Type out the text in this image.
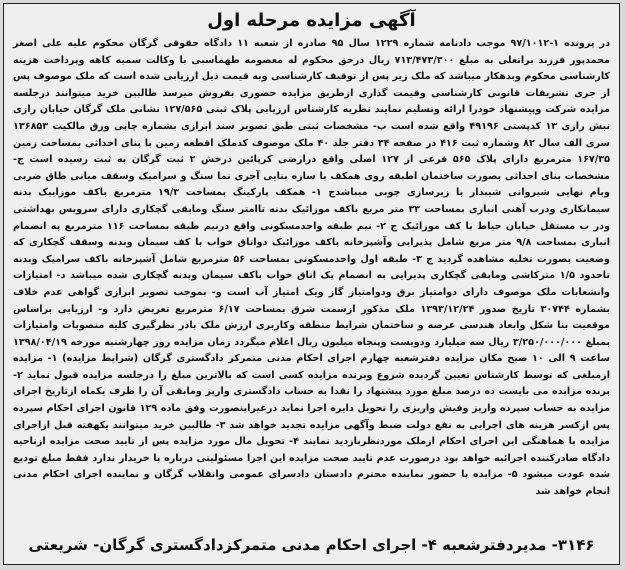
آگهی مزایده مرحله اول

در پرونده ۱-۹۷/۱۰۱۲ موجب دادنامه شماره ۱۲۲۹ سال ۹۵ صادره از شعبه ۱۱ دادگاه حقوقی گرگان محکوم علیه علی اصغر محمدپور فرزند براتعلی به مبلغ ۷۱۳/۴۷۳/۳۰۰ ریال درحق محکوم له معصومه طهماسبی با وکالت سمیه کاهه وپرداخت هزینه کارشناسی محکوم وبدهکار میباشد که ملک زیر پس از توقیف کارشناسی وبه قیمت ذیل ارزیابی شده است که ملک موصوف پس از جری تشریفات قانونی کارشناسی وقیمت گذاری ازطریق مزایده حضوری بفروش میرسد طالبین خرید میتوانند درجلسه مزایده شرکت وپیشنهاد خودرا ارائه وتسلیم نمایند نظریه کارشناس ارزیابی پلاک ثبتی ۱۲۷/۵۶۵ نشانی ملک گرگان خیابان رازی نبش رازی ۱۳ کدپستی ۴۹۱۹۶ واقع شده است ب- مشخصات ثبتی طبق تصویر سند ابرازی بشماره چاپی ورق مالکیت ۱۳۶۸۵۳ سری الف سال ۸۲ وشماره ثبت ۴۱۶ در صفحه ۳۴ دفتر جلد ۴۰ ملک موصوف کدملک اقطعه زمین با بنای احداثی بمساحت زمین ۱۶۷/۳۵ مترمربع دارای پلاک ۵۶۵ فرعی از ۱۲۷ اصلی واقع درارضی کرپائین درخش ۲ ثبت گرگان به ثبت رسیده است ج- مشخصات بنای احداثی بصورت ساختمان اطبقه روی همکف با سازه بنایی آجری نما سنگ و سرامیک وسقف میانی طاق ضربی وبام نهایی شیروانی شیبدار با زیرسازی چوبی میباشدج ۱- همکف پارکینگ بمساحت ۱۹/۳ مترمربع باکف موزاییک بدنه سیمانکاری ودرب آهنی انباری بمساحت ۳۳ متر مربع باکف موزائیک بدنه تاامتر سنگ ومابقی گچکاری دارای سرویس بهداشتی ودر ب مستقل خیابان حیاط با کف موزائیک ج ۲- نیم طبقه واحدمسکونی واقع درنیم طبقه بمساحت ۱۱۶ مترمربع به انضمام انباری بمساحت ۹/۸ متر مربع شامل پذیرایی وآشپزخانه باکف موزائیک دواتاق خواب با کف سیمان وبدنه وسقف گچکاری که وضعیت بصورت تخلیه مشاهده گردید ج ۳- طبقه اول واحدمسکونی بمساحت ۵۶ مترمربع شامل آشپزخانه باکف سرامیک وبدنه تاحدود ۱/۵ مترکاشی ومابقی گچکاری پذیرایی به انضمام یک اتاق خواب باکف سیمان وبدنه گچکاری شده میباشد د- امتیازات وانشعابات ملک موصوف دارای دوامتیاز برق ودوامتیاز گاز ویک امتیاز آب است و- بموجب تصویر ابرازی گواهی عدم خلاف بشماره ۳۰۷۴۴ تاریخ صدور ۱۳۹۳/۱۲/۲۴ ملک مذکور ازسمت شرق بمساحت ۶/۱۷ مترمربع تعریض دارد و- ارزیابی براساس موقعیت بنا شکل وابعاد هندسی عرصه و ساختمان شرایط منطقه وکاربری ارزش ملک بادر نظرگیری کلیه منصوبات وامتیازات بمبلغ ۳/۲۵۰/۰۰۰/۰۰۰ ریال سه میلیارد ودویست وپنجاه میلیون ریال اعلام میگردد زمان مزایده روز چهارشنبه مورخه ۱۳۹۸/۰۴/۱۹ ساعت ۹ الی ۱۰ صبح مکان مزایده دفترشعبه چهارم اجرای احکام مدنی متمرکز دادگستری گرگان (شرایط مزایده) ۱- مزایده ازمبلغی که توسط کارشناس تعیین گردیده شروع وبرنده مزایده کسی است که بالاترین مبلغ را درجلسه مزایده قبول نماید ۲- برنده مزایده می بایست ده درصد مبلغ مورد پیشنهاد را نقدا به حساب دادگستری واریز ومابقی آن را ظرف یکماه ازتاریخ اجرای مزایده به حساب سپرده واریز وفیش واریزی را تحویل دایره اجرا نماید درغیراینصورت وفق ماده ۱۲۹ قانون اجرای احکام سپرده پس ازکسر هزینه های اجرایی به نفع دولت ضبط وآگهی مزایده تجدید خواهد شد ۳- طالبین خرید میتوانند یکهفته قبل ازاجرای مزایده با هماهنگی این اجرای احکام ازملک موردنظربازدید نمایند ۴- تحویل مال مورد مزایده پس از تایید صحت مزایده ازناحیه دادگاه صادرکننده اجرائیه خواهد بود درصورت عدم تایید صحت مزایده این اجرا مسئولیتی درباره با خریدار ندارد فقط مبلغ تودیع شده عودت میشود ۵- مزایده با حضور نماینده محترم دادستان دادسرای عمومی وانقلاب گرگان و نماینده اجرای احکام مدنی انجام خواهد شد

۳۱۴۶- مدیردفترشعبه ۴- اجرای احکام مدنی متمرکزدادگستری گرگان- شریعتی
